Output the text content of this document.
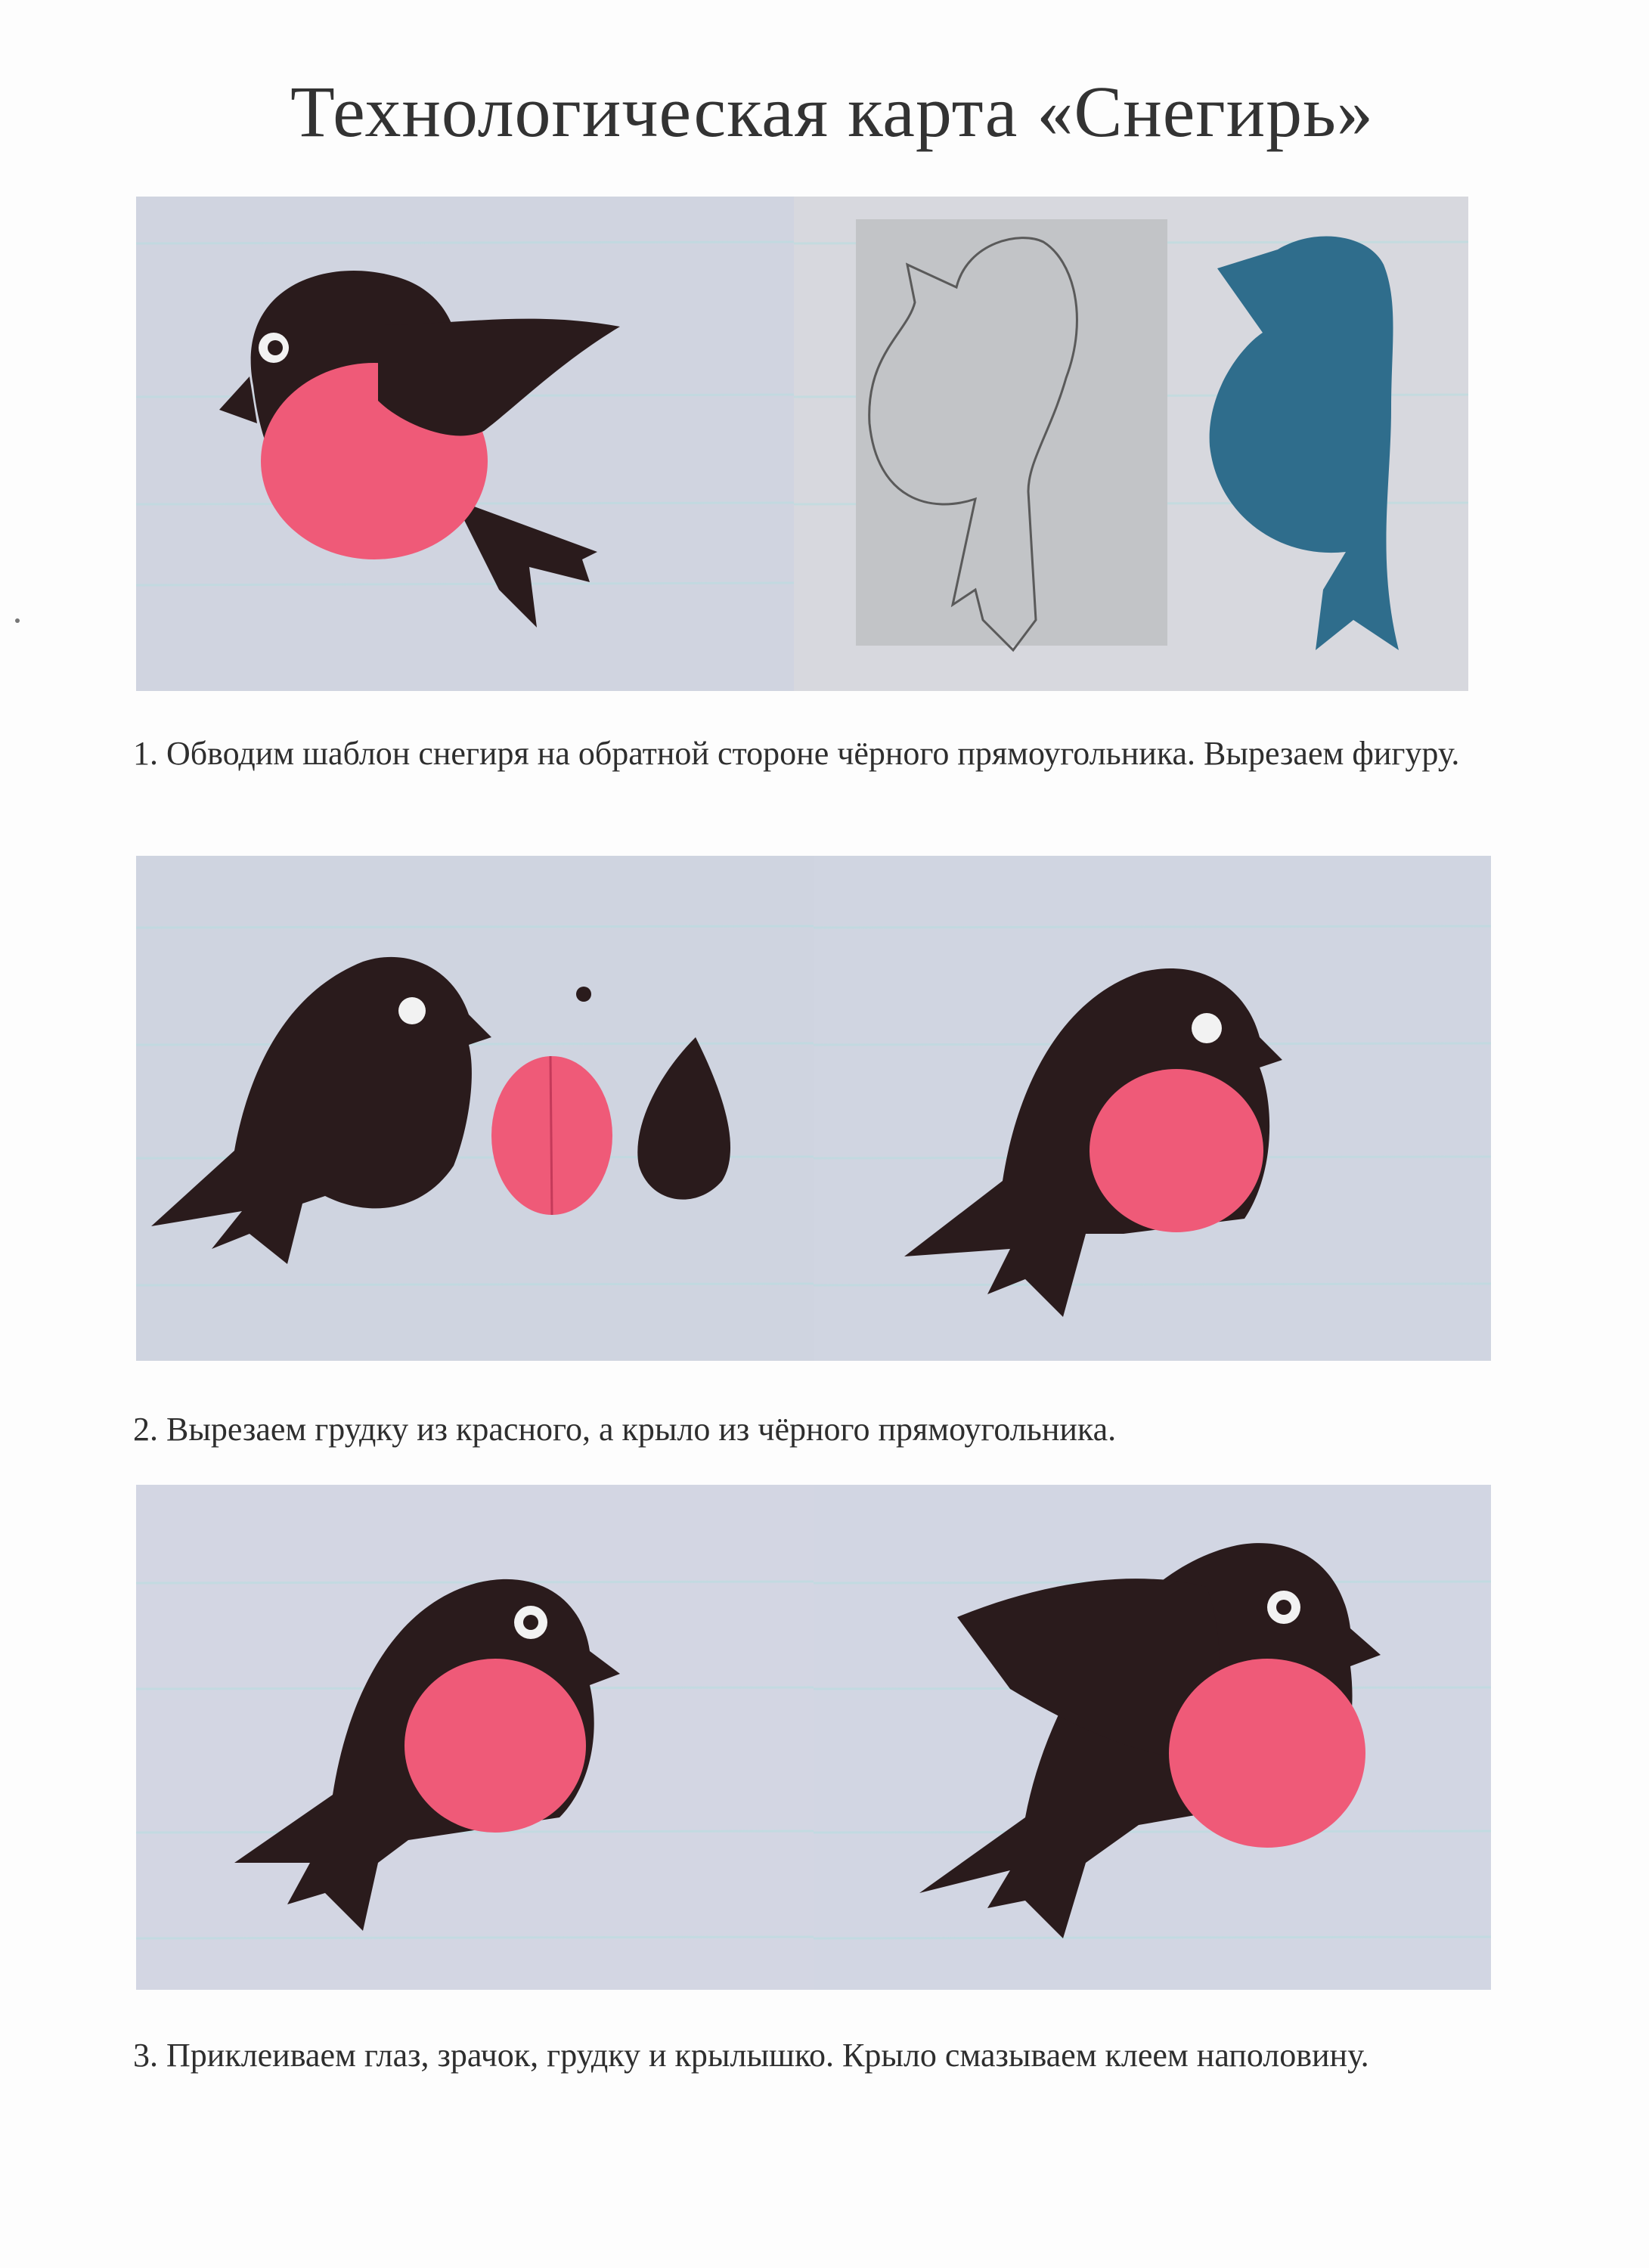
Технологическая карта «Снегирь»
1. Обводим шаблон снегиря на обратной стороне чёрного прямоугольника. Вырезаем фигуру.
2. Вырезаем грудку из красного, а крыло из чёрного прямоугольника.
3. Приклеиваем глаз, зрачок, грудку и крылышко. Крыло смазываем клеем наполовину.
